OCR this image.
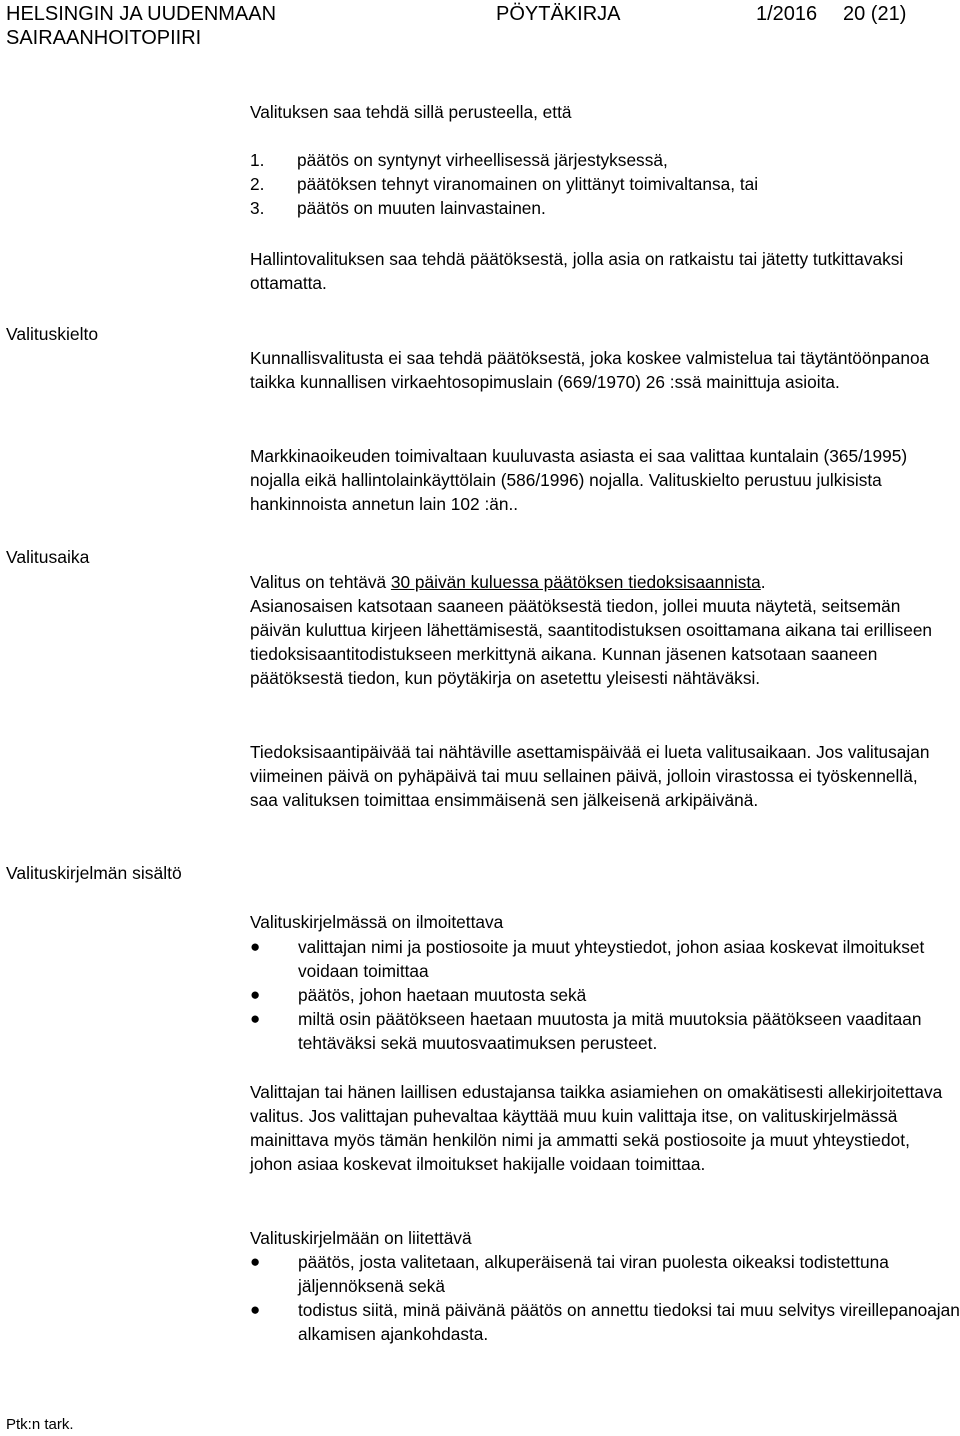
HELSINGIN JA UUDENMAAN
SAIRAANHOITOPIIRI
PÖYTÄKIRJA	1/2016 20 (21)

Valituksen saa tehdä sillä perusteella, että

1. päätös on syntynyt virheellisessä järjestyksessä,
2. päätöksen tehnyt viranomainen on ylittänyt toimivaltansa, tai
3. päätös on muuten lainvastainen.

Hallintovalituksen saa tehdä päätöksestä, jolla asia on ratkaistu tai jätetty tutkittavaksi ottamatta.

Valituskielto

Kunnallisvalitusta ei saa tehdä päätöksestä, joka koskee valmistelua tai täytäntöönpanoa taikka kunnallisen virkaehtosopimuslain (669/1970) 26 :ssä mainittuja asioita.

Markkinaoikeuden toimivaltaan kuuluvasta asiasta ei saa valittaa kuntalain (365/1995) nojalla eikä hallintolainkäyttölain (586/1996) nojalla. Valituskielto perustuu julkisista hankinnoista annetun lain 102 :än..

Valitusaika

Valitus on tehtävä 30 päivän kuluessa päätöksen tiedoksisaannista.
Asianosaisen katsotaan saaneen päätöksestä tiedon, jollei muuta näytetä, seitsemän päivän kuluttua kirjeen lähettämisestä, saantitodistuksen osoittamana aikana tai erilliseen tiedoksisaantitodistukseen merkittynä aikana. Kunnan jäsenen katsotaan saaneen päätöksestä tiedon, kun pöytäkirja on asetettu yleisesti nähtäväksi.

Tiedoksisaantipäivää tai nähtäville asettamispäivää ei lueta valitusaikaan. Jos valitusajan viimeinen päivä on pyhäpäivä tai muu sellainen päivä, jolloin virastossa ei työskennellä, saa valituksen toimittaa ensimmäisenä sen jälkeisenä arkipäivänä.

Valituskirjelmän sisältö

Valituskirjelmässä on ilmoitettava

● valittajan nimi ja postiosoite ja muut yhteystiedot, johon asiaa koskevat ilmoitukset voidaan toimittaa
● päätös, johon haetaan muutosta sekä
● miltä osin päätökseen haetaan muutosta ja mitä muutoksia päätökseen vaaditaan tehtäväksi sekä muutosvaatimuksen perusteet.

Valittajan tai hänen laillisen edustajansa taikka asiamiehen on omakätisesti allekirjoitettava valitus. Jos valittajan puhevaltaa käyttää muu kuin valittaja itse, on valituskirjelmässä mainittava myös tämän henkilön nimi ja ammatti sekä postiosoite ja muut yhteystiedot, johon asiaa koskevat ilmoitukset hakijalle voidaan toimittaa.

Valituskirjelmään on liitettävä

● päätös, josta valitetaan, alkuperäisenä tai viran puolesta oikeaksi todistettuna jäljennöksenä sekä
● todistus siitä, minä päivänä päätös on annettu tiedoksi tai muu selvitys vireillepanoajan alkamisen ajankohdasta.
Ptk:n tark.
